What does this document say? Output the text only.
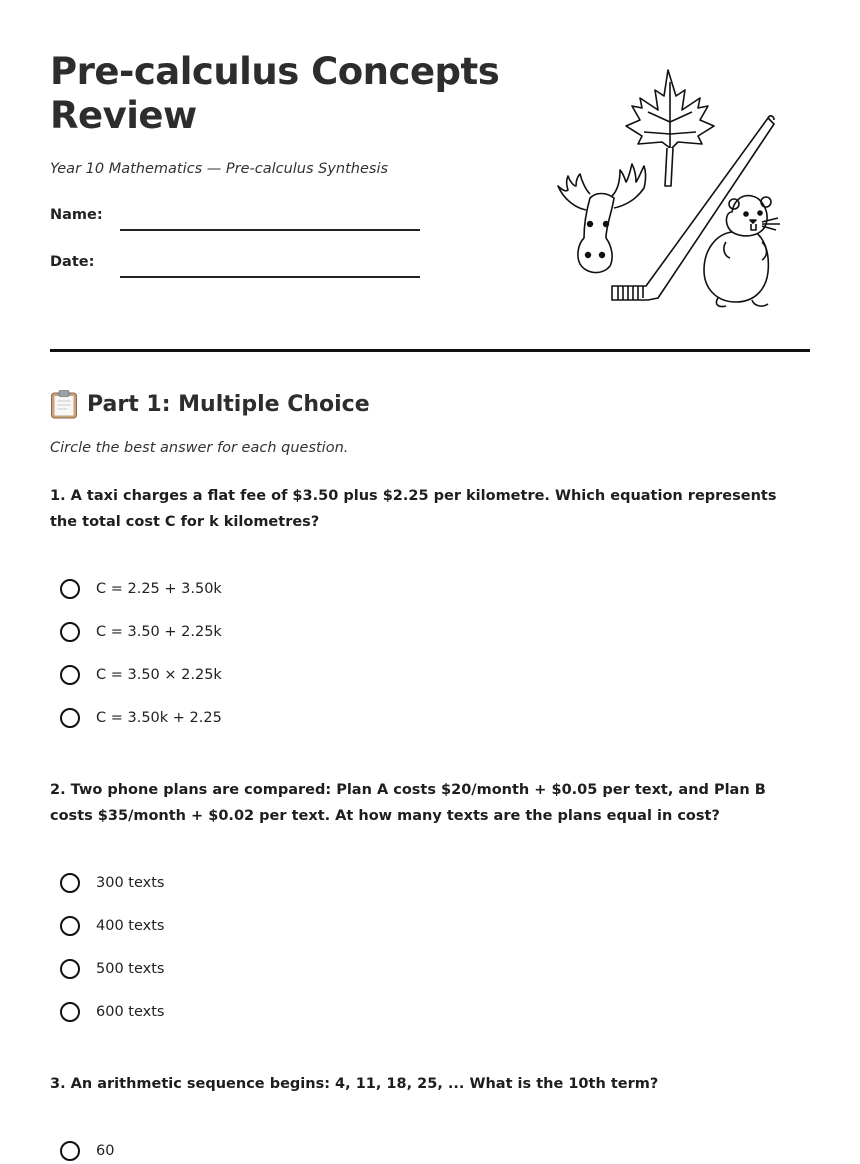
Pre-calculus Concepts Review
Year 10 Mathematics — Pre-calculus Synthesis
Name:
Date:
Part 1: Multiple Choice
Circle the best answer for each question.
1. A taxi charges a flat fee of $3.50 plus $2.25 per kilometre. Which equation represents the total cost C for k kilometres?
C = 2.25 + 3.50k
C = 3.50 + 2.25k
C = 3.50 × 2.25k
C = 3.50k + 2.25
2. Two phone plans are compared: Plan A costs $20/month + $0.05 per text, and Plan B costs $35/month + $0.02 per text. At how many texts are the plans equal in cost?
300 texts
400 texts
500 texts
600 texts
3. An arithmetic sequence begins: 4, 11, 18, 25, ... What is the 10th term?
60
